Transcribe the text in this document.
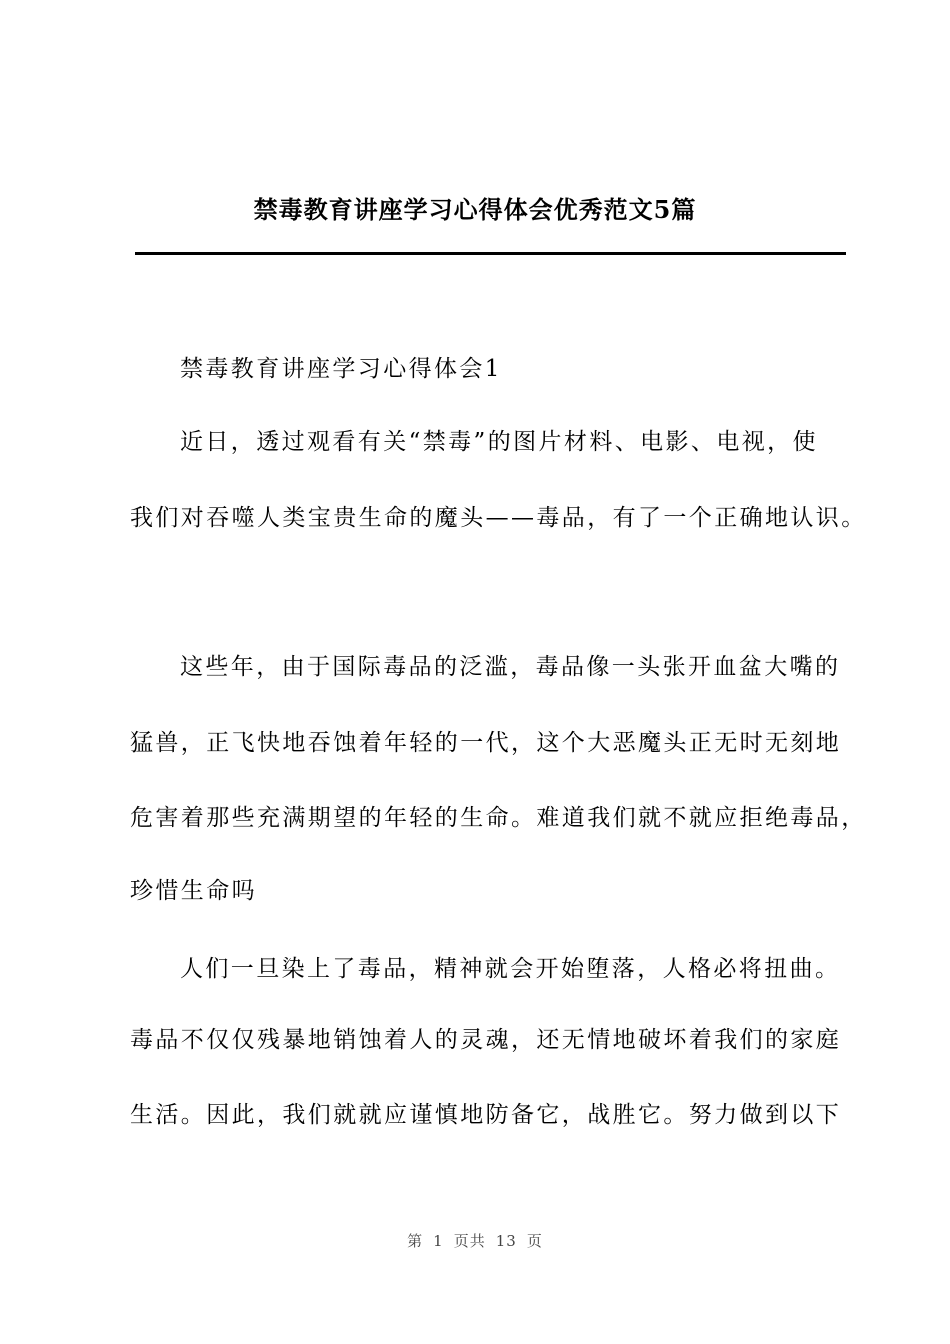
禁毒教育讲座学习心得体会优秀范文5篇
禁毒教育讲座学习心得体会1
近日，透过观看有关“禁毒”的图片材料、电影、电视，使
我们对吞噬人类宝贵生命的魔头——毒品，有了一个正确地认识。
这些年，由于国际毒品的泛滥，毒品像一头张开血盆大嘴的
猛兽，正飞快地吞蚀着年轻的一代，这个大恶魔头正无时无刻地
危害着那些充满期望的年轻的生命。难道我们就不就应拒绝毒品，
珍惜生命吗
人们一旦染上了毒品，精神就会开始堕落，人格必将扭曲。
毒品不仅仅残暴地销蚀着人的灵魂，还无情地破坏着我们的家庭
生活。因此，我们就就应谨慎地防备它，战胜它。努力做到以下
第 1 页共 13 页
